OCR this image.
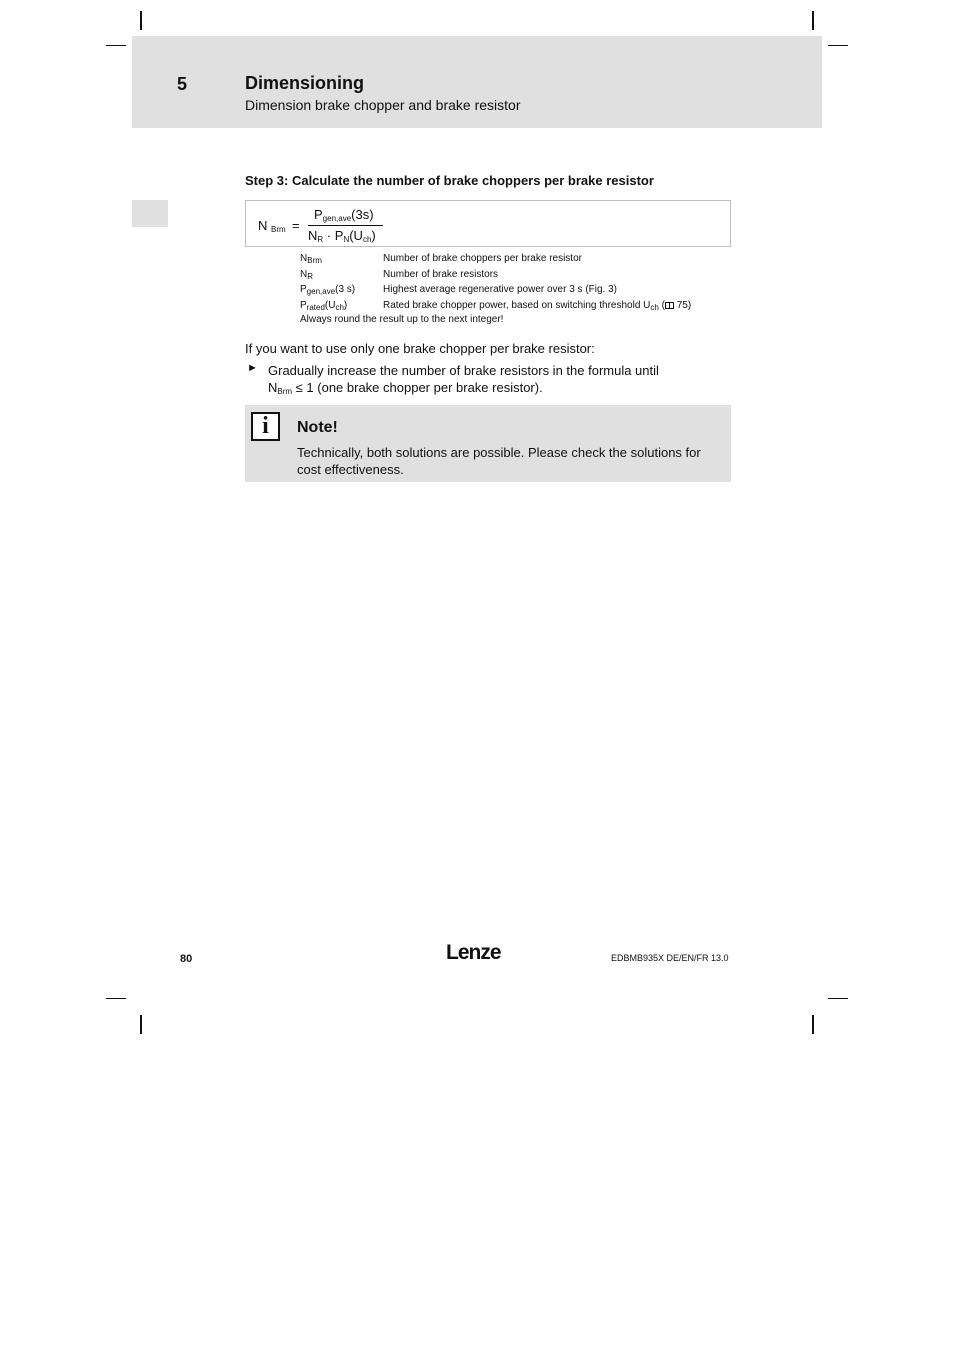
5	Dimensioning
Dimension brake chopper and brake resistor
Step 3: Calculate the number of brake choppers per brake resistor
N $_{Brm}$ =
$P_{gen,ave}(3s)$
$N_R \cdot P_N(U_{ch})$
$N_{Brm}$	Number of brake choppers per brake resistor
$N_R$	Number of brake resistors
$P_{gen,ave}(3$ s)	Highest average regenerative power over 3 s (Fig. 3)
$P_{rated}(U_{ch})$	Rated brake chopper power, based on switching threshold $U_{ch}$ ( 75)
Always round the result up to the next integer!
If you want to use only one brake chopper per brake resistor:
► Gradually increase the number of brake resistors in the formula until
$N_{Brm} \le 1$ (one brake chopper per brake resistor).
i	Note!
Technically, both solutions are possible. Please check the solutions for cost effectiveness.
80	Lenze	EDBMB935X DE/EN/FR 13.0
